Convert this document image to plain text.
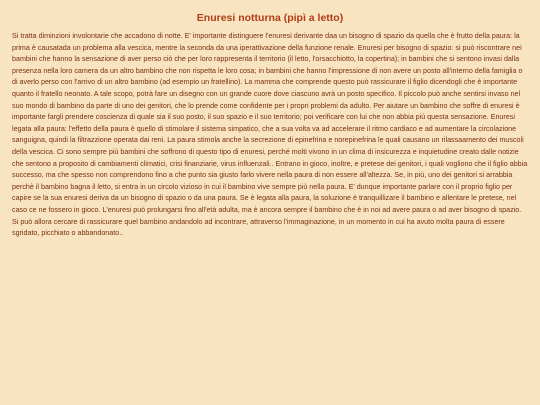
Enuresi notturna (pipì a letto)

Si tratta diminzioni involontarie che accadono di notte. E' importante distinguere l'enuresi derivante daa un bisogno di spazio da quella che è frutto della paura: la prima è causatada un problema alla vescica, mentre la seconda da una iperattivazione della funzione renale. Enuresi per bisogno di spazio: si può riscontrare nei bambini che hanno la sensazione di aver perso ciò che per loro rappresenta il territorio (il letto, l'orsacchiotto, la copertina); in bambini che si sentono invasi dalla presenza nella loro camera da un altro bambino che non rispetta le loro cosa; in bambini che hanno l'impressione di non avere un posto all'interno della famiglia o di averlo perso con l'arrivo di un altro bambino (ad esempio un fratellino). La mamma che comprende questo può rassicurare il figlio dicendogli che è importante quanto il fratello neonato. A tale scopo, potrà fare un disegno con un grande cuore dove ciascuno avrà un posto specifico. Il piccolo può anche sentirsi invaso nel suo mondo di bambino da parte di uno dei genitori, che lo prende come confidente per i propri problemi da adulto. Per aiutare un bambino che soffre di enuresi è importante fargli prendere coscienza di quale sia il suo posto, il suo spazio e il suo territorio; poi verificare con lui che non abbia più questa sensazione. Enuresi legata alla paura: l'effetto della paura è quello di stimolare il sistema simpatico, che a sua volta va ad accelerare il ritmo cardiaco e ad aumentare la circolazione sanguigna, quindi la filtrazzione operata dai reni. La paura stimola anche la secrezione di epinefrina e norepinefrina le quali causano un rilassaamento dei muscoli della vescica. Ci sono sempre più bambini che soffrono di questo tipo di enuresi, perché molti vivono in un clima di insicurezza e inquietudine creato dalle notizie che sentono a proposito di cambiamenti climatici, crisi finanziarie, virus influenzali.. Entrano in gioco, inoltre, e pretese dei genitori, i quali vogliono che il figlio abbia successo, ma che spesso non comprendono fino a che punto sia giusto farlo vivere nella paura di non essere all'altezza. Se, in più, uno dei genitori si arrabbia perchè il bambino bagna il letto, si entra in un circolo vizioso in cui il bambino vive sempre più nella paura. E' dunque importante parlare con il proprio figlio per capire se la sua enuresi deriva da un bisogno di spazio o da una paura. Se è legata alla paura, la soluzione è tranquillizare il bambino e allentare le pretese, nel caso ce ne fossero in gioco. L'enuresi può prolungarsi fino all'età adulta, ma è ancora sempre il bambino che è in noi ad avere paura o ad aver bisogno di spazio. Si può allora cercare di rassicurare quel bambino andandolo ad incontrare, attraverso l'immaginazione, in un momento in cui ha avuto molta paura di essere sgridato, picchiato o abbandonato..
